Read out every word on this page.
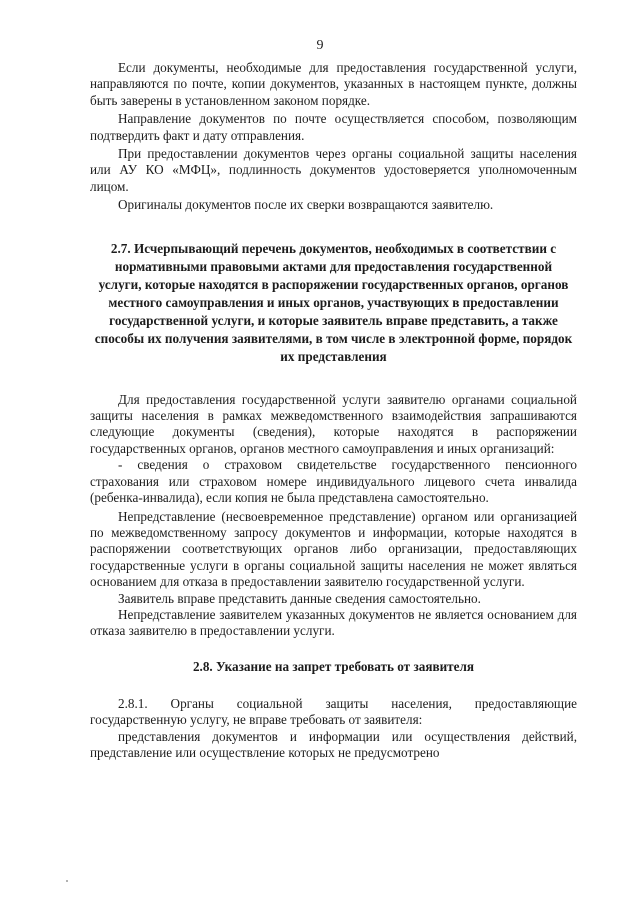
9

Если документы, необходимые для предоставления государственной услуги, направляются по почте, копии документов, указанных в настоящем пункте, должны быть заверены в установленном законом порядке.

Направление документов по почте осуществляется способом, позволяющим подтвердить факт и дату отправления.

При предоставлении документов через органы социальной защиты населения или АУ КО «МФЦ», подлинность документов удостоверяется уполномоченным лицом.

Оригиналы документов после их сверки возвращаются заявителю.

2.7. Исчерпывающий перечень документов, необходимых в соответствии с нормативными правовыми актами для предоставления государственной услуги, которые находятся в распоряжении государственных органов, органов местного самоуправления и иных органов, участвующих в предоставлении государственной услуги, и которые заявитель вправе представить, а также способы их получения заявителями, в том числе в электронной форме, порядок их представления

Для предоставления государственной услуги заявителю органами социальной защиты населения в рамках межведомственного взаимодействия запрашиваются следующие документы (сведения), которые находятся в распоряжении государственных органов, органов местного самоуправления и иных организаций:

- сведения о страховом свидетельстве государственного пенсионного страхования или страховом номере индивидуального лицевого счета инвалида (ребенка-инвалида), если копия не была представлена самостоятельно.

Непредставление (несвоевременное представление) органом или организацией по межведомственному запросу документов и информации, которые находятся в распоряжении соответствующих органов либо организации, предоставляющих государственные услуги в органы социальной защиты населения не может являться основанием для отказа в предоставлении заявителю государственной услуги.

Заявитель вправе представить данные сведения самостоятельно.

Непредставление заявителем указанных документов не является основанием для отказа заявителю в предоставлении услуги.

2.8. Указание на запрет требовать от заявителя

2.8.1. Органы социальной защиты населения, предоставляющие государственную услугу, не вправе требовать от заявителя:

представления документов и информации или осуществления действий, представление или осуществление которых не предусмотрено
